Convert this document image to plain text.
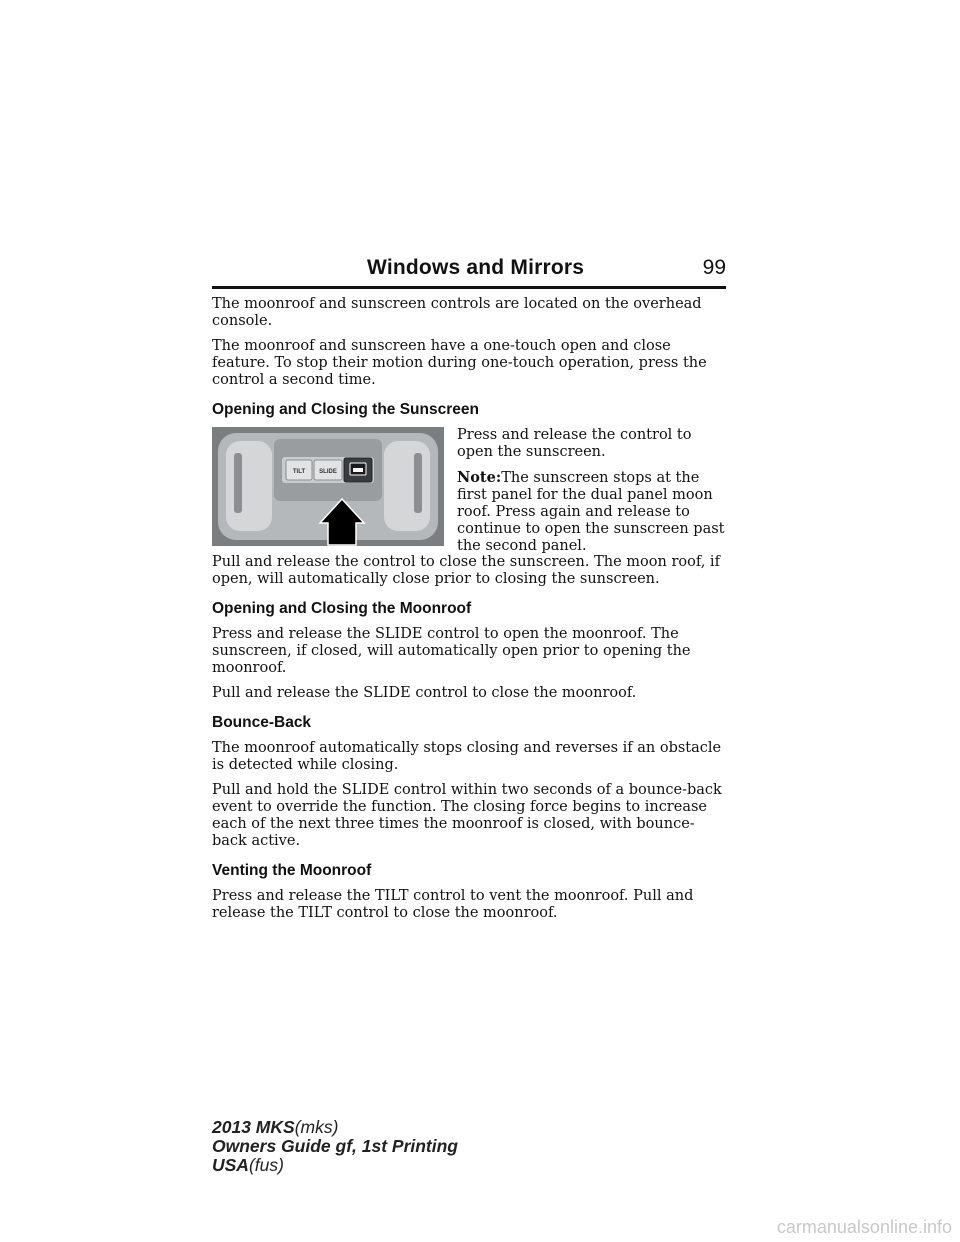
Windows and Mirrors	99

The moonroof and sunscreen controls are located on the overhead console.

The moonroof and sunscreen have a one-touch open and close feature. To stop their motion during one-touch operation, press the control a second time.

Opening and Closing the Sunscreen
TILT SLIDE

Press and release the control to open the sunscreen.

Note:The sunscreen stops at the first panel for the dual panel moon roof. Press again and release to continue to open the sunscreen past the second panel.

Pull and release the control to close the sunscreen. The moon roof, if open, will automatically close prior to closing the sunscreen.

Opening and Closing the Moonroof

Press and release the SLIDE control to open the moonroof. The sunscreen, if closed, will automatically open prior to opening the moonroof.

Pull and release the SLIDE control to close the moonroof.

Bounce-Back

The moonroof automatically stops closing and reverses if an obstacle is detected while closing.

Pull and hold the SLIDE control within two seconds of a bounce-back event to override the function. The closing force begins to increase each of the next three times the moonroof is closed, with bounce-back active.

Venting the Moonroof

Press and release the TILT control to vent the moonroof. Pull and release the TILT control to close the moonroof.

2013 MKS(mks)
Owners Guide gf, 1st Printing
USA(fus)
carmanualsonline.info
